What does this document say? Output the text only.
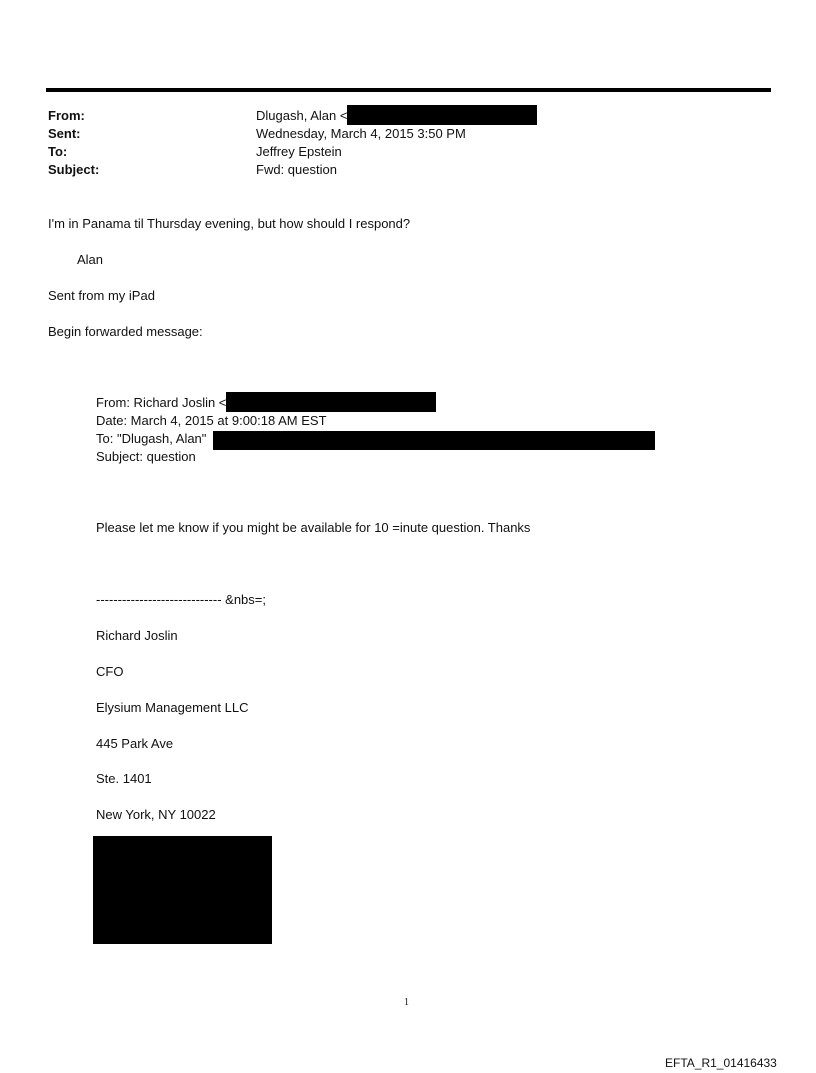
From:	Dlugash, Alan <
Sent:	Wednesday, March 4, 2015 3:50 PM
To:	Jeffrey Epstein
Subject:	Fwd: question
I'm in Panama til Thursday evening, but how should I respond?
Alan
Sent from my iPad
Begin forwarded message:
From: Richard Joslin <
Date: March 4, 2015 at 9:00:18 AM EST
To: "Dlugash, Alan"
Subject: question
Please let me know if you might be available for 10 =inute question. Thanks
----------------------------- &nbs=;
Richard Joslin
CFO
Elysium Management LLC
445 Park Ave
Ste. 1401
New York, NY 10022
1
EFTA_R1_01416433
